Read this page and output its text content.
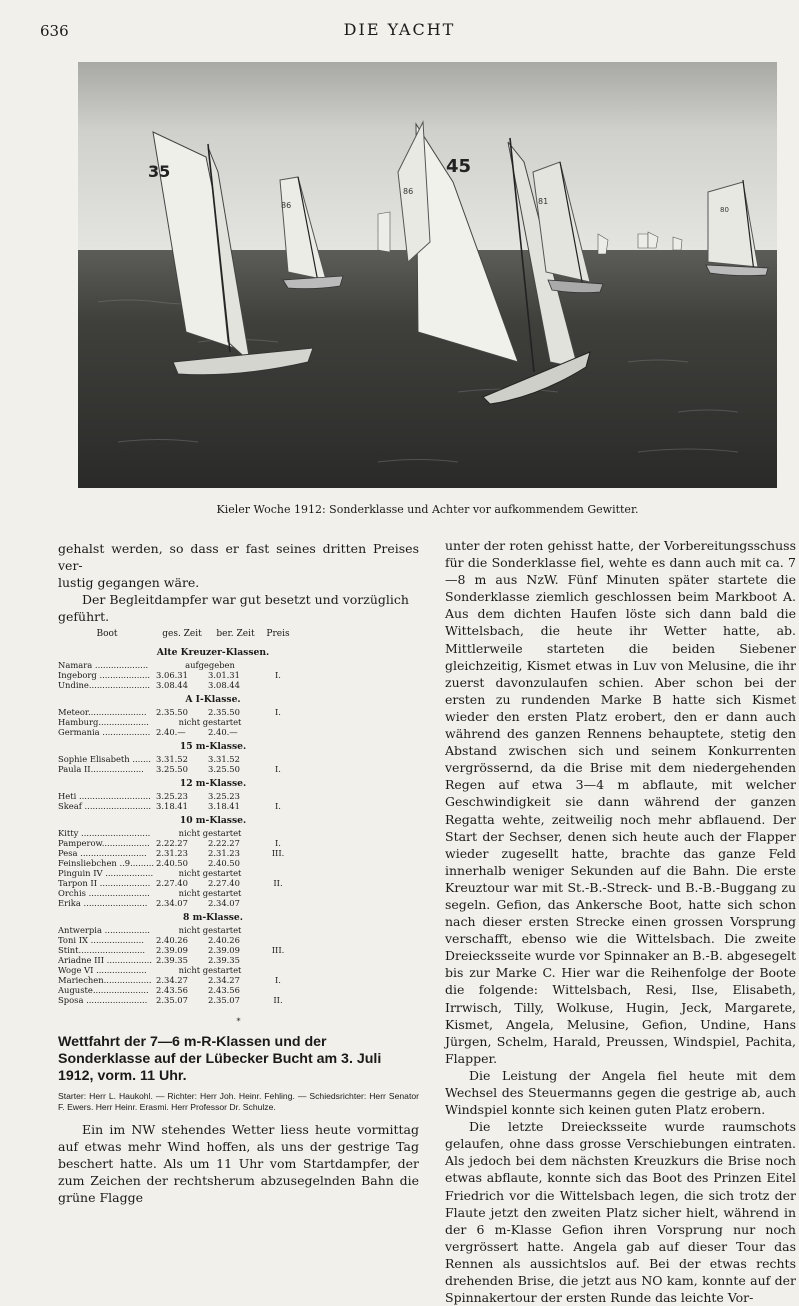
636	DIE YACHT
35
86
45
86
81
80
Kieler Woche 1912: Sonderklasse und Achter vor aufkommendem Gewitter.

gehalst werden, so dass er fast seines dritten Preises ver-

lustig gegangen wäre.

Der Begleitdampfer war gut besetzt und vorzüglich

geführt.

Boot	ges. Zeit	ber. Zeit	Preis
Alte Kreuzer-Klassen.
Namara ....................	aufgegeben
Ingeborg ................... 3.06.31	3.01.31	I.
Undine....................... 3.08.44	3.08.44
A I-Klasse.
Meteor......................	2.35.50	2.35.50	I.
Hamburg...................	nicht gestartet
Germania .................. 2.40.—	2.40.—
15 m-Klasse.
Sophie Elisabeth ....... 3.31.52	3.31.52
Paula II....................	3.25.50	3.25.50	I.
12 m-Klasse.
Heti ........................... 3.25.23	3.25.23
Skeaf ......................... 3.18.41	3.18.41	I.
10 m-Klasse.
Kitty ..........................	nicht gestartet
Pamperow.................. 2.22.27	2.22.27	I.
Pesa .........................	2.31.23	2.31.23	III.
Feinsliebchen ..9......... 2.40.50	2.40.50
Pinguin IV ..................	nicht gestartet
Tarpon II ................... 2.27.40	2.27.40	II.
Orchis .......................	nicht gestartet
Erika ........................	2.34.07	2.34.07
8 m-Klasse.
Antwerpia .................	nicht gestartet
Toni IX ....................	2.40.26	2.40.26
Stint.........................	2.39.09	2.39.09	III.
Ariadne III ................. 2.39.35	2.39.35
Woge VI ...................	nicht gestartet
Mariechen.................. 2.34.27	2.34.27	I.
Auguste..................... 2.43.56	2.43.56
Sposa .......................	2.35.07	2.35.07	II.
*
Wettfahrt der 7—6 m-R-Klassen und der Sonderklasse auf der Lübecker Bucht am 3. Juli 1912, vorm. 11 Uhr.
Starter: Herr L. Haukohl. — Richter: Herr Joh. Heinr. Fehling. — Schiedsrichter: Herr Senator F. Ewers. Herr Heinr. Erasmi. Herr Professor Dr. Schulze.

Ein im NW stehendes Wetter liess heute vormittag auf etwas mehr Wind hoffen, als uns der gestrige Tag beschert hatte. Als um 11 Uhr vom Startdampfer, der zum Zeichen der rechtsherum abzusegelnden Bahn die grüne Flagge

unter der roten gehisst hatte, der Vorbereitungsschuss für die Sonderklasse fiel, wehte es dann auch mit ca. 7—8 m aus NzW. Fünf Minuten später startete die Sonderklasse ziemlich geschlossen beim Markboot A. Aus dem dichten Haufen löste sich dann bald die Wittelsbach, die heute ihr Wetter hatte, ab. Mittlerweile starteten die beiden Siebener gleichzeitig, Kismet etwas in Luv von Melusine, die ihr zuerst davonzulaufen schien. Aber schon bei der ersten zu rundenden Marke B hatte sich Kismet wieder den ersten Platz erobert, den er dann auch während des ganzen Rennens behauptete, stetig den Abstand zwischen sich und seinem Konkurrenten vergrössernd, da die Brise mit dem niedergehenden Regen auf etwa 3—4 m abflaute, mit welcher Geschwindigkeit sie dann während der ganzen Regatta wehte, zeitweilig noch mehr abflauend. Der Start der Sechser, denen sich heute auch der Flapper wieder zugesellt hatte, brachte das ganze Feld innerhalb weniger Sekunden auf die Bahn. Die erste Kreuztour war mit St.-B.-Streck- und B.-B.-Buggang zu segeln. Gefion, das Ankersche Boot, hatte sich schon nach dieser ersten Strecke einen grossen Vorsprung verschafft, ebenso wie die Wittelsbach. Die zweite Dreiecksseite wurde vor Spinnaker an B.-B. abgesegelt bis zur Marke C. Hier war die Reihenfolge der Boote die folgende: Wittelsbach, Resi, Ilse, Elisabeth, Irrwisch, Tilly, Wolkuse, Hugin, Jeck, Margarete, Kismet, Angela, Melusine, Gefion, Undine, Hans Jürgen, Schelm, Harald, Preussen, Windspiel, Pachita, Flapper.

Die Leistung der Angela fiel heute mit dem Wechsel des Steuermanns gegen die gestrige ab, auch Windspiel konnte sich keinen guten Platz erobern.

Die letzte Dreiecksseite wurde raumschots gelaufen, ohne dass grosse Verschiebungen eintraten. Als jedoch bei dem nächsten Kreuzkurs die Brise noch etwas abflaute, konnte sich das Boot des Prinzen Eitel Friedrich vor die Wittelsbach legen, die sich trotz der Flaute jetzt den zweiten Platz sicher hielt, während in der 6 m-Klasse Gefion ihren Vorsprung nur noch vergrössert hatte. Angela gab auf dieser Tour das Rennen als aussichtslos auf. Bei der etwas rechts drehenden Brise, die jetzt aus NO kam, konnte auf der Spinnakertour der ersten Runde das leichte Vor-
